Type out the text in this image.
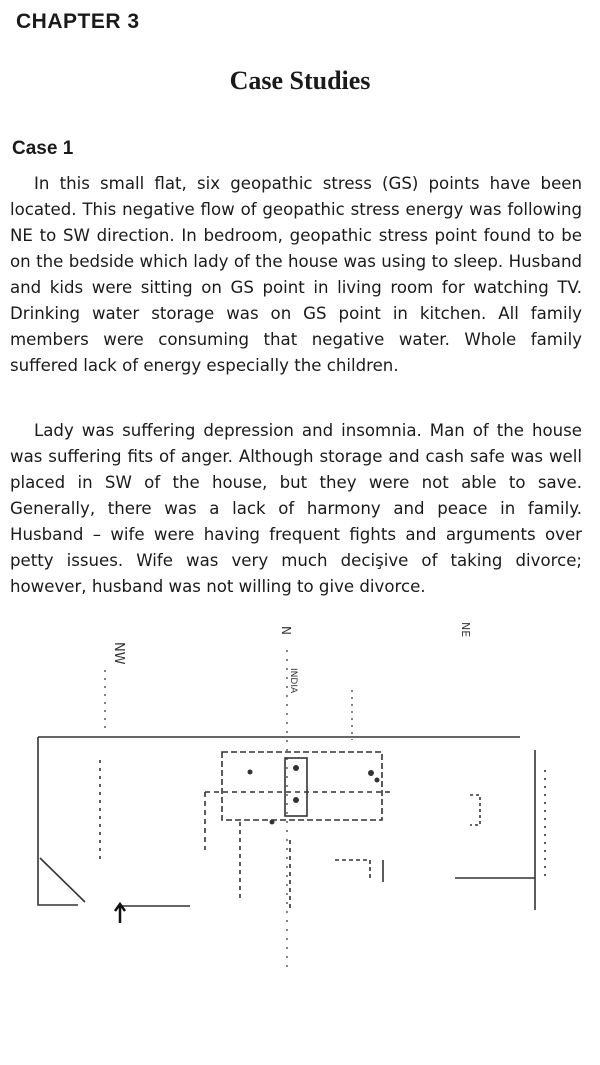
CHAPTER 3
Case Studies
Case 1

In this small flat, six geopathic stress (GS) points have been located. This negative flow of geopathic stress energy was following NE to SW direction. In bedroom, geopathic stress point found to be on the bedside which lady of the house was using to sleep. Husband and kids were sitting on GS point in living room for watching TV. Drinking water storage was on GS point in kitchen. All family members were consuming that negative water. Whole family suffered lack of energy especially the children.

Lady was suffering depression and insomnia. Man of the house was suffering fits of anger. Although storage and cash safe was well placed in SW of the house, but they were not able to save. Generally, there was a lack of harmony and peace in family. Husband – wife were having frequent fights and arguments over petty issues. Wife was very much decişive of taking divorce; however, husband was not willing to give divorce.

NW
N	NE
INDIA
